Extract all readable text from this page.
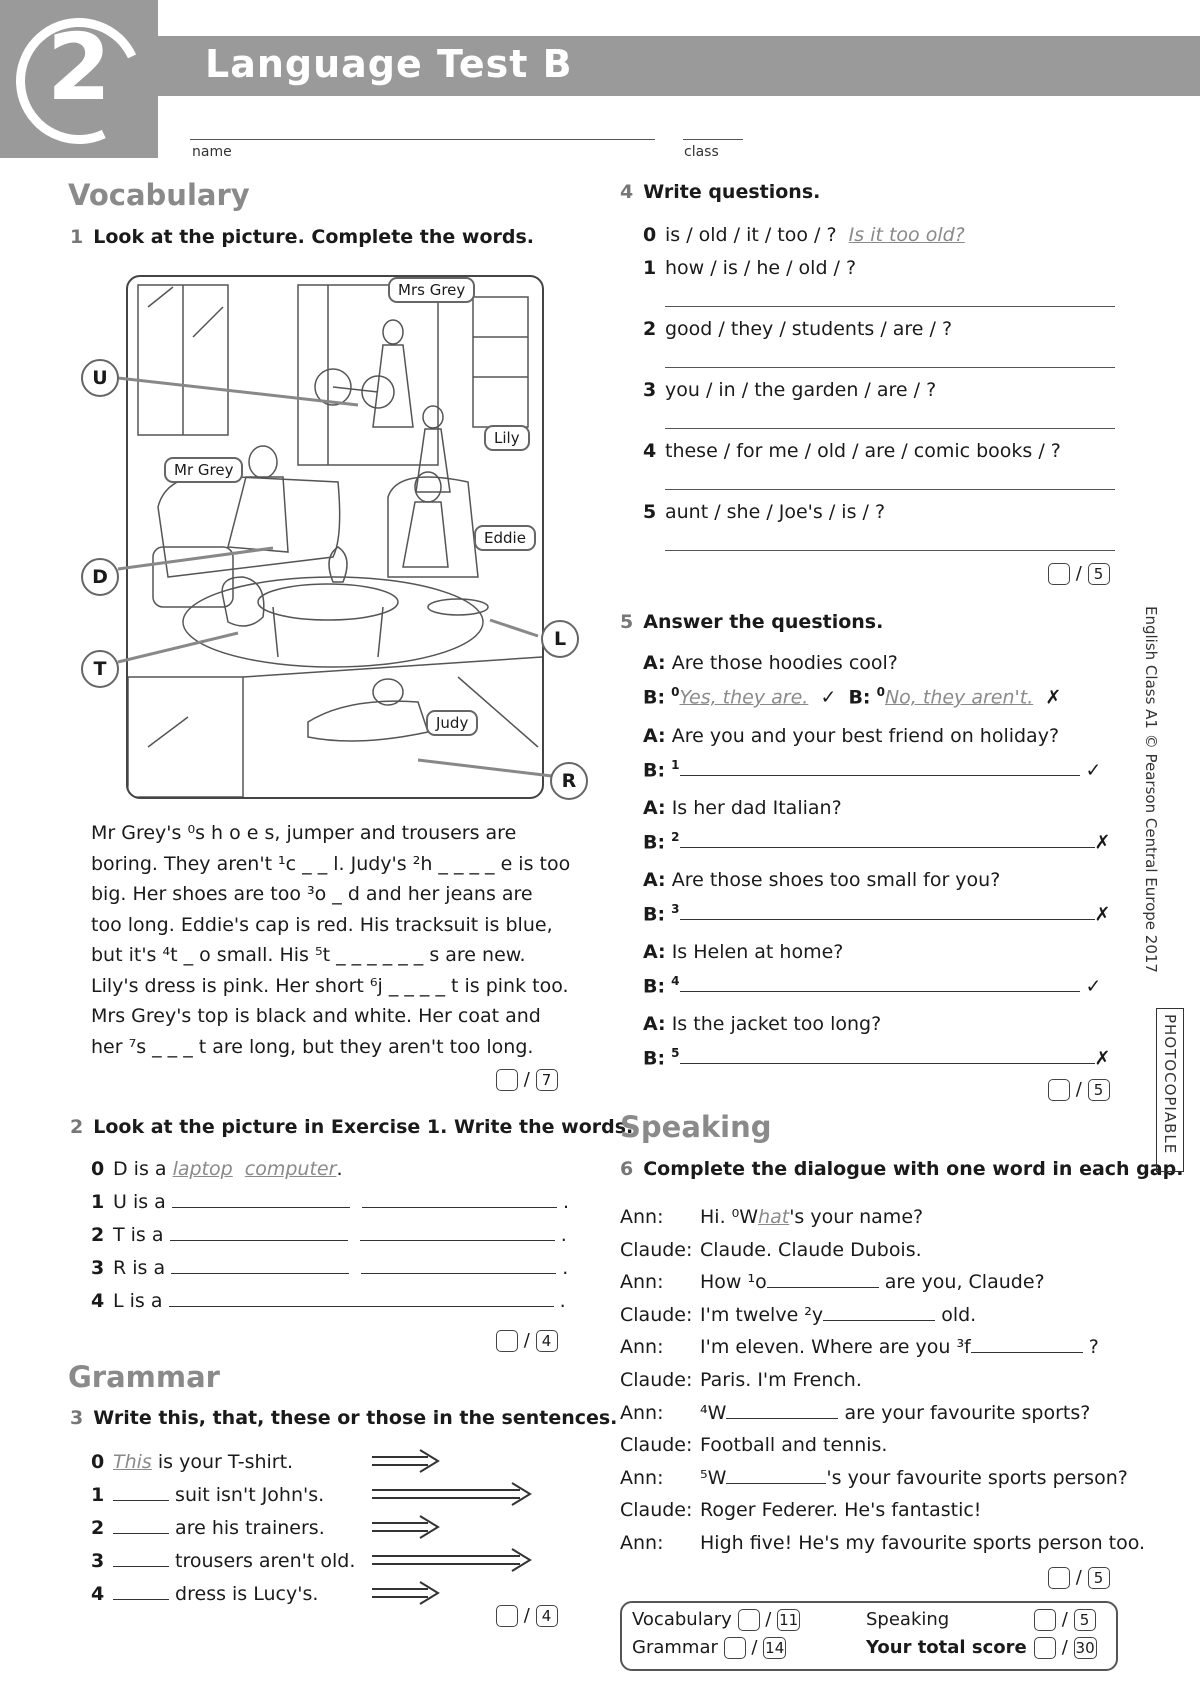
2	Language Test B
name	class
Vocabulary
1 Look at the picture. Complete the words.
Mrs Grey
Lily
Mr Grey
Eddie
Judy
U
D
T
L
R
Mr Grey's ⁰s h o e s, jumper and trousers are
boring. They aren't ¹c _ _ l. Judy's ²h _ _ _ _ e is too
big. Her shoes are too ³o _ d and her jeans are
too long. Eddie's cap is red. His tracksuit is blue,
but it's ⁴t _ o small. His ⁵t _ _ _ _ _ _ s are new.
Lily's dress is pink. Her short ⁶j _ _ _ _ t is pink too.
Mrs Grey's top is black and white. Her coat and
her ⁷s _ _ _ t are long, but they aren't too long.
/ 7
2 Look at the picture in Exercise 1. Write the words.
0 D is a laptop computer.
1 U is a	.
2 T is a	.
3 R is a	.
4 L is a	.
/ 4
Grammar
3 Write this, that, these or those in the sentences.
0 This is your T-shirt.
1	suit isn't John's.
2	are his trainers.
3	trousers aren't old.
4	dress is Lucy's.
/ 4
4 Write questions.
0 is / old / it / too / ? Is it too old?
1 how / is / he / old / ?
2 good / they / students / are / ?
3 you / in / the garden / are / ?
4 these / for me / old / are / comic books / ?
5 aunt / she / Joe's / is / ?
/ 5
5 Answer the questions.
A: Are those hoodies cool?
B: $^0$Yes, they are. ✓ B: $^0$No, they aren't. ✗
A: Are you and your best friend on holiday?
B: $^1$	✓
A: Is her dad Italian?
B: $^2$	✗
A: Are those shoes too small for you?
B: $^3$	✗
A: Is Helen at home?
B: $^4$	✓
A: Is the jacket too long?
B: $^5$	✗
/ 5
Speaking
6 Complete the dialogue with one word in each gap.
Ann: Hi. ⁰What's your name?
Claude: Claude. Claude Dubois.
Ann: How ¹o	are you, Claude?
Claude: I'm twelve ²y	old.
Ann: I'm eleven. Where are you ³f	?
Claude: Paris. I'm French.
Ann: ⁴W	are your favourite sports?
Claude: Football and tennis.
Ann: ⁵W	's your favourite sports person?
Claude: Roger Federer. He's fantastic!
Ann: High five! He's my favourite sports person too.
/ 5
Vocabulary / 11
Grammar / 14
Speaking	/ 5
Your total score	/ 30
English Class A1 © Pearson Central Europe 2017
PHOTOCOPIABLE
